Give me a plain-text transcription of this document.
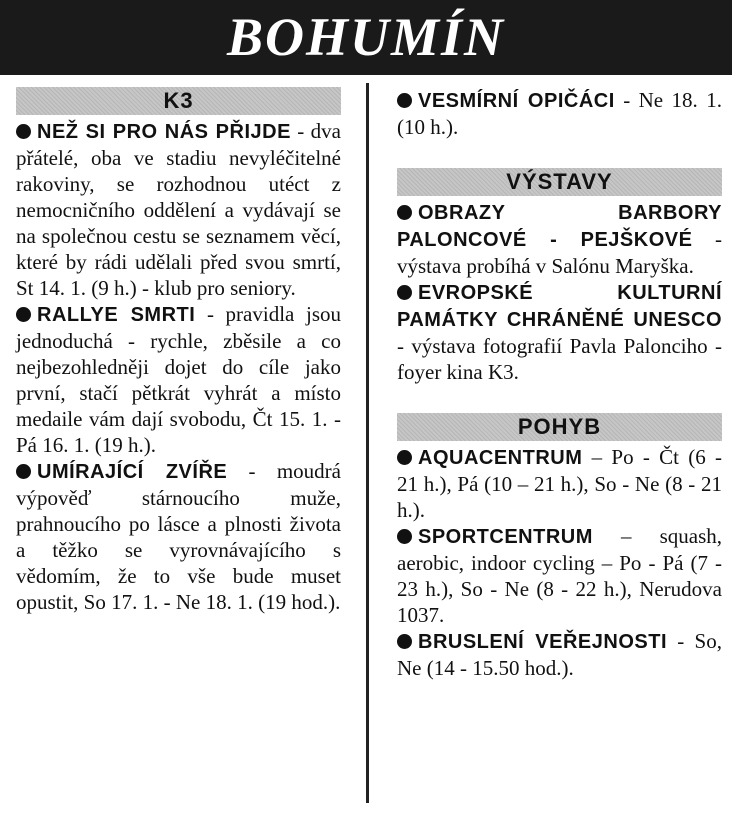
BOHUMÍN
K3

NEŽ SI PRO NÁS PŘIJDE - dva přátelé, oba ve stadiu nevyléčitelné rakoviny, se rozhodnou utéct z nemocničního oddělení a vydávají se na společnou cestu se seznamem věcí, které by rádi udělali před svou smrtí, St 14. 1. (9 h.) - klub pro seniory.

RALLYE SMRTI - pravidla jsou jednoduchá - rychle, zběsile a co nejbezohledněji dojet do cíle jako první, stačí pětkrát vyhrát a místo medaile vám dají svobodu, Čt 15. 1. - Pá 16. 1. (19 h.).

UMÍRAJÍCÍ ZVÍŘE - moudrá výpověď stárnoucího muže, prahnoucího po lásce a plnosti života a těžko se vyrovnávajícího s vědomím, že to vše bude muset opustit, So 17. 1. - Ne 18. 1. (19 hod.).

VESMÍRNÍ OPIČÁCI - Ne 18. 1. (10 h.).

VÝSTAVY

OBRAZY BARBORY PALONCOVÉ - PEJŠKOVÉ - výstava probíhá v Salónu Maryška.

EVROPSKÉ KULTURNÍ PAMÁTKY CHRÁNĚNÉ UNESCO - výstava fotografií Pavla Palonciho - foyer kina K3.

POHYB

AQUACENTRUM – Po - Čt (6 - 21 h.), Pá (10 – 21 h.), So - Ne (8 - 21 h.).

SPORTCENTRUM – squash, aerobic, indoor cycling – Po - Pá (7 - 23 h.), So - Ne (8 - 22 h.), Nerudova 1037.

BRUSLENÍ VEŘEJNOSTI - So, Ne (14 - 15.50 hod.).
